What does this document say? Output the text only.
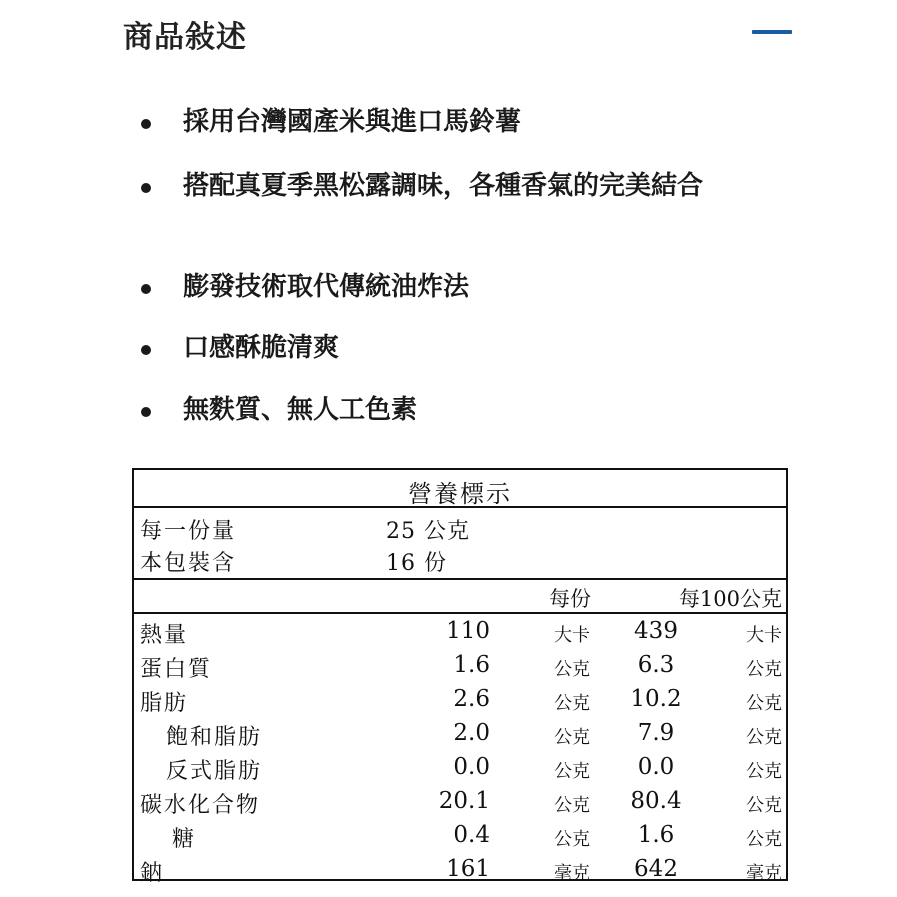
商品敍述
採用台灣國產米與進口馬鈴薯
搭配真夏季黑松露調味，各種香氣的完美結合
膨發技術取代傳統油炸法
口感酥脆清爽
無麩質、無人工色素
營養標示
每一份量	25 公克
本包裝含	16 份
每份	每100公克
熱量	110	大卡	439	大卡
蛋白質	1.6	公克	6.3	公克
脂肪	2.6	公克 10.2	公克
飽和脂肪	2.0	公克	7.9	公克
反式脂肪	0.0	公克	0.0	公克
碳水化合物	20.1	公克 80.4	公克
糖	0.4	公克	1.6	公克
鈉	161	毫克	642	毫克
